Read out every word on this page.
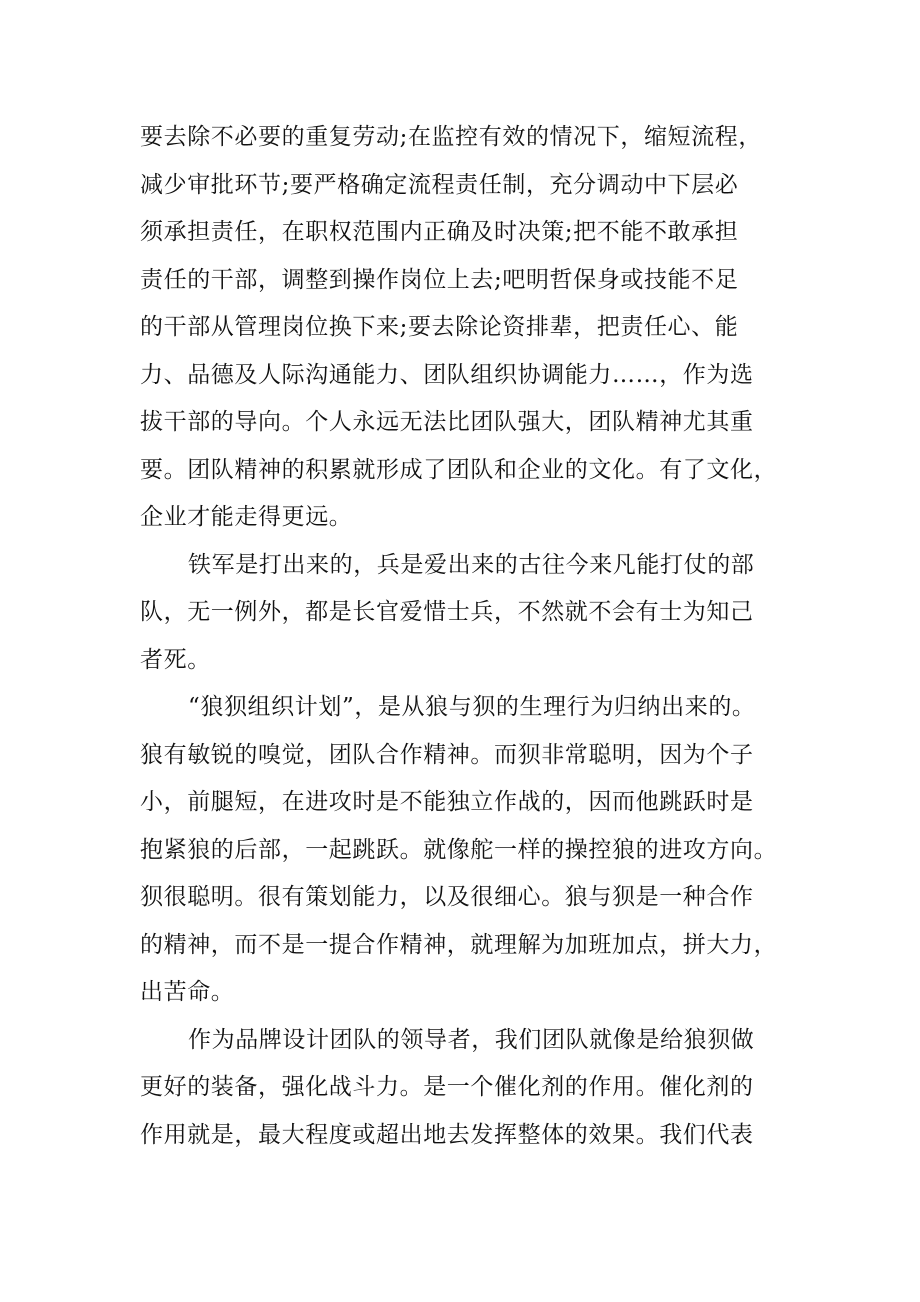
要去除不必要的重复劳动;在监控有效的情况下，缩短流程，
减少审批环节;要严格确定流程责任制，充分调动中下层必
须承担责任，在职权范围内正确及时决策;把不能不敢承担
责任的干部，调整到操作岗位上去;吧明哲保身或技能不足
的干部从管理岗位换下来;要去除论资排辈，把责任心、能
力、品德及人际沟通能力、团队组织协调能力……，作为选
拔干部的导向。个人永远无法比团队强大，团队精神尤其重
要。团队精神的积累就形成了团队和企业的文化。有了文化，
企业才能走得更远。
铁军是打出来的，兵是爱出来的古往今来凡能打仗的部
队，无一例外，都是长官爱惜士兵，不然就不会有士为知己
者死。
“狼狈组织计划”，是从狼与狈的生理行为归纳出来的。
狼有敏锐的嗅觉，团队合作精神。而狈非常聪明，因为个子
小，前腿短，在进攻时是不能独立作战的，因而他跳跃时是
抱紧狼的后部，一起跳跃。就像舵一样的操控狼的进攻方向。
狈很聪明。很有策划能力，以及很细心。狼与狈是一种合作
的精神，而不是一提合作精神，就理解为加班加点，拼大力，
出苦命。
作为品牌设计团队的领导者，我们团队就像是给狼狈做
更好的装备，强化战斗力。是一个催化剂的作用。催化剂的
作用就是，最大程度或超出地去发挥整体的效果。我们代表
